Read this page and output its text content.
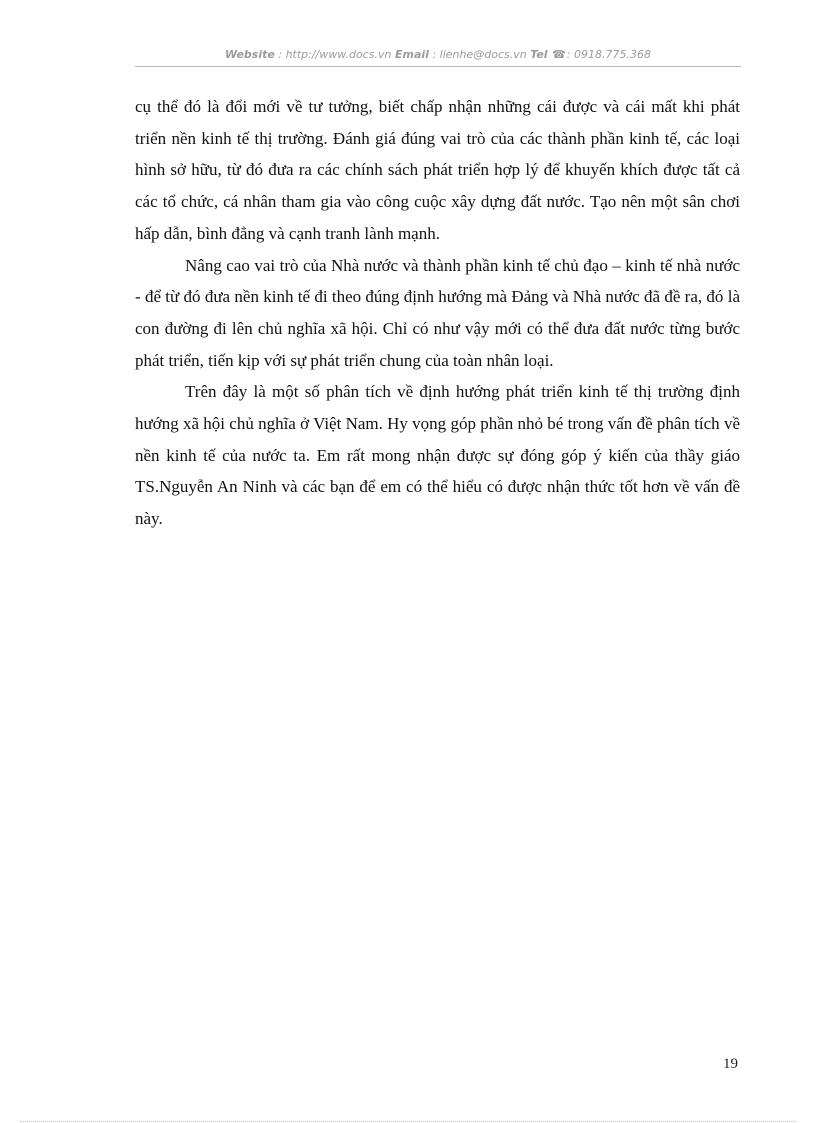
Website : http://www.docs.vn Email : lienhe@docs.vn Tel ☎: 0918.775.368

cụ thể đó là đổi mới về tư tưởng, biết chấp nhận những cái được và cái mất khi phát triển nền kinh tế thị trường. Đánh giá đúng vai trò của các thành phần kinh tế, các loại hình sở hữu, từ đó đưa ra các chính sách phát triển hợp lý để khuyến khích được tất cả các tổ chức, cá nhân tham gia vào công cuộc xây dựng đất nước. Tạo nên một sân chơi hấp dẫn, bình đẳng và cạnh tranh lành mạnh.

Nâng cao vai trò của Nhà nước và thành phần kinh tế chủ đạo – kinh tế nhà nước - để từ đó đưa nền kinh tế đi theo đúng định hướng mà Đảng và Nhà nước đã đề ra, đó là con đường đi lên chủ nghĩa xã hội. Chỉ có như vậy mới có thể đưa đất nước từng bước phát triển, tiến kịp với sự phát triển chung của toàn nhân loại.

Trên đây là một số phân tích về định hướng phát triển kinh tế thị trường định hướng xã hội chủ nghĩa ở Việt Nam. Hy vọng góp phần nhỏ bé trong vấn đề phân tích về nền kinh tế của nước ta. Em rất mong nhận được sự đóng góp ý kiến của thầy giáo TS.Nguyễn An Ninh và các bạn để em có thể hiểu có được nhận thức tốt hơn về vấn đề này.

19
